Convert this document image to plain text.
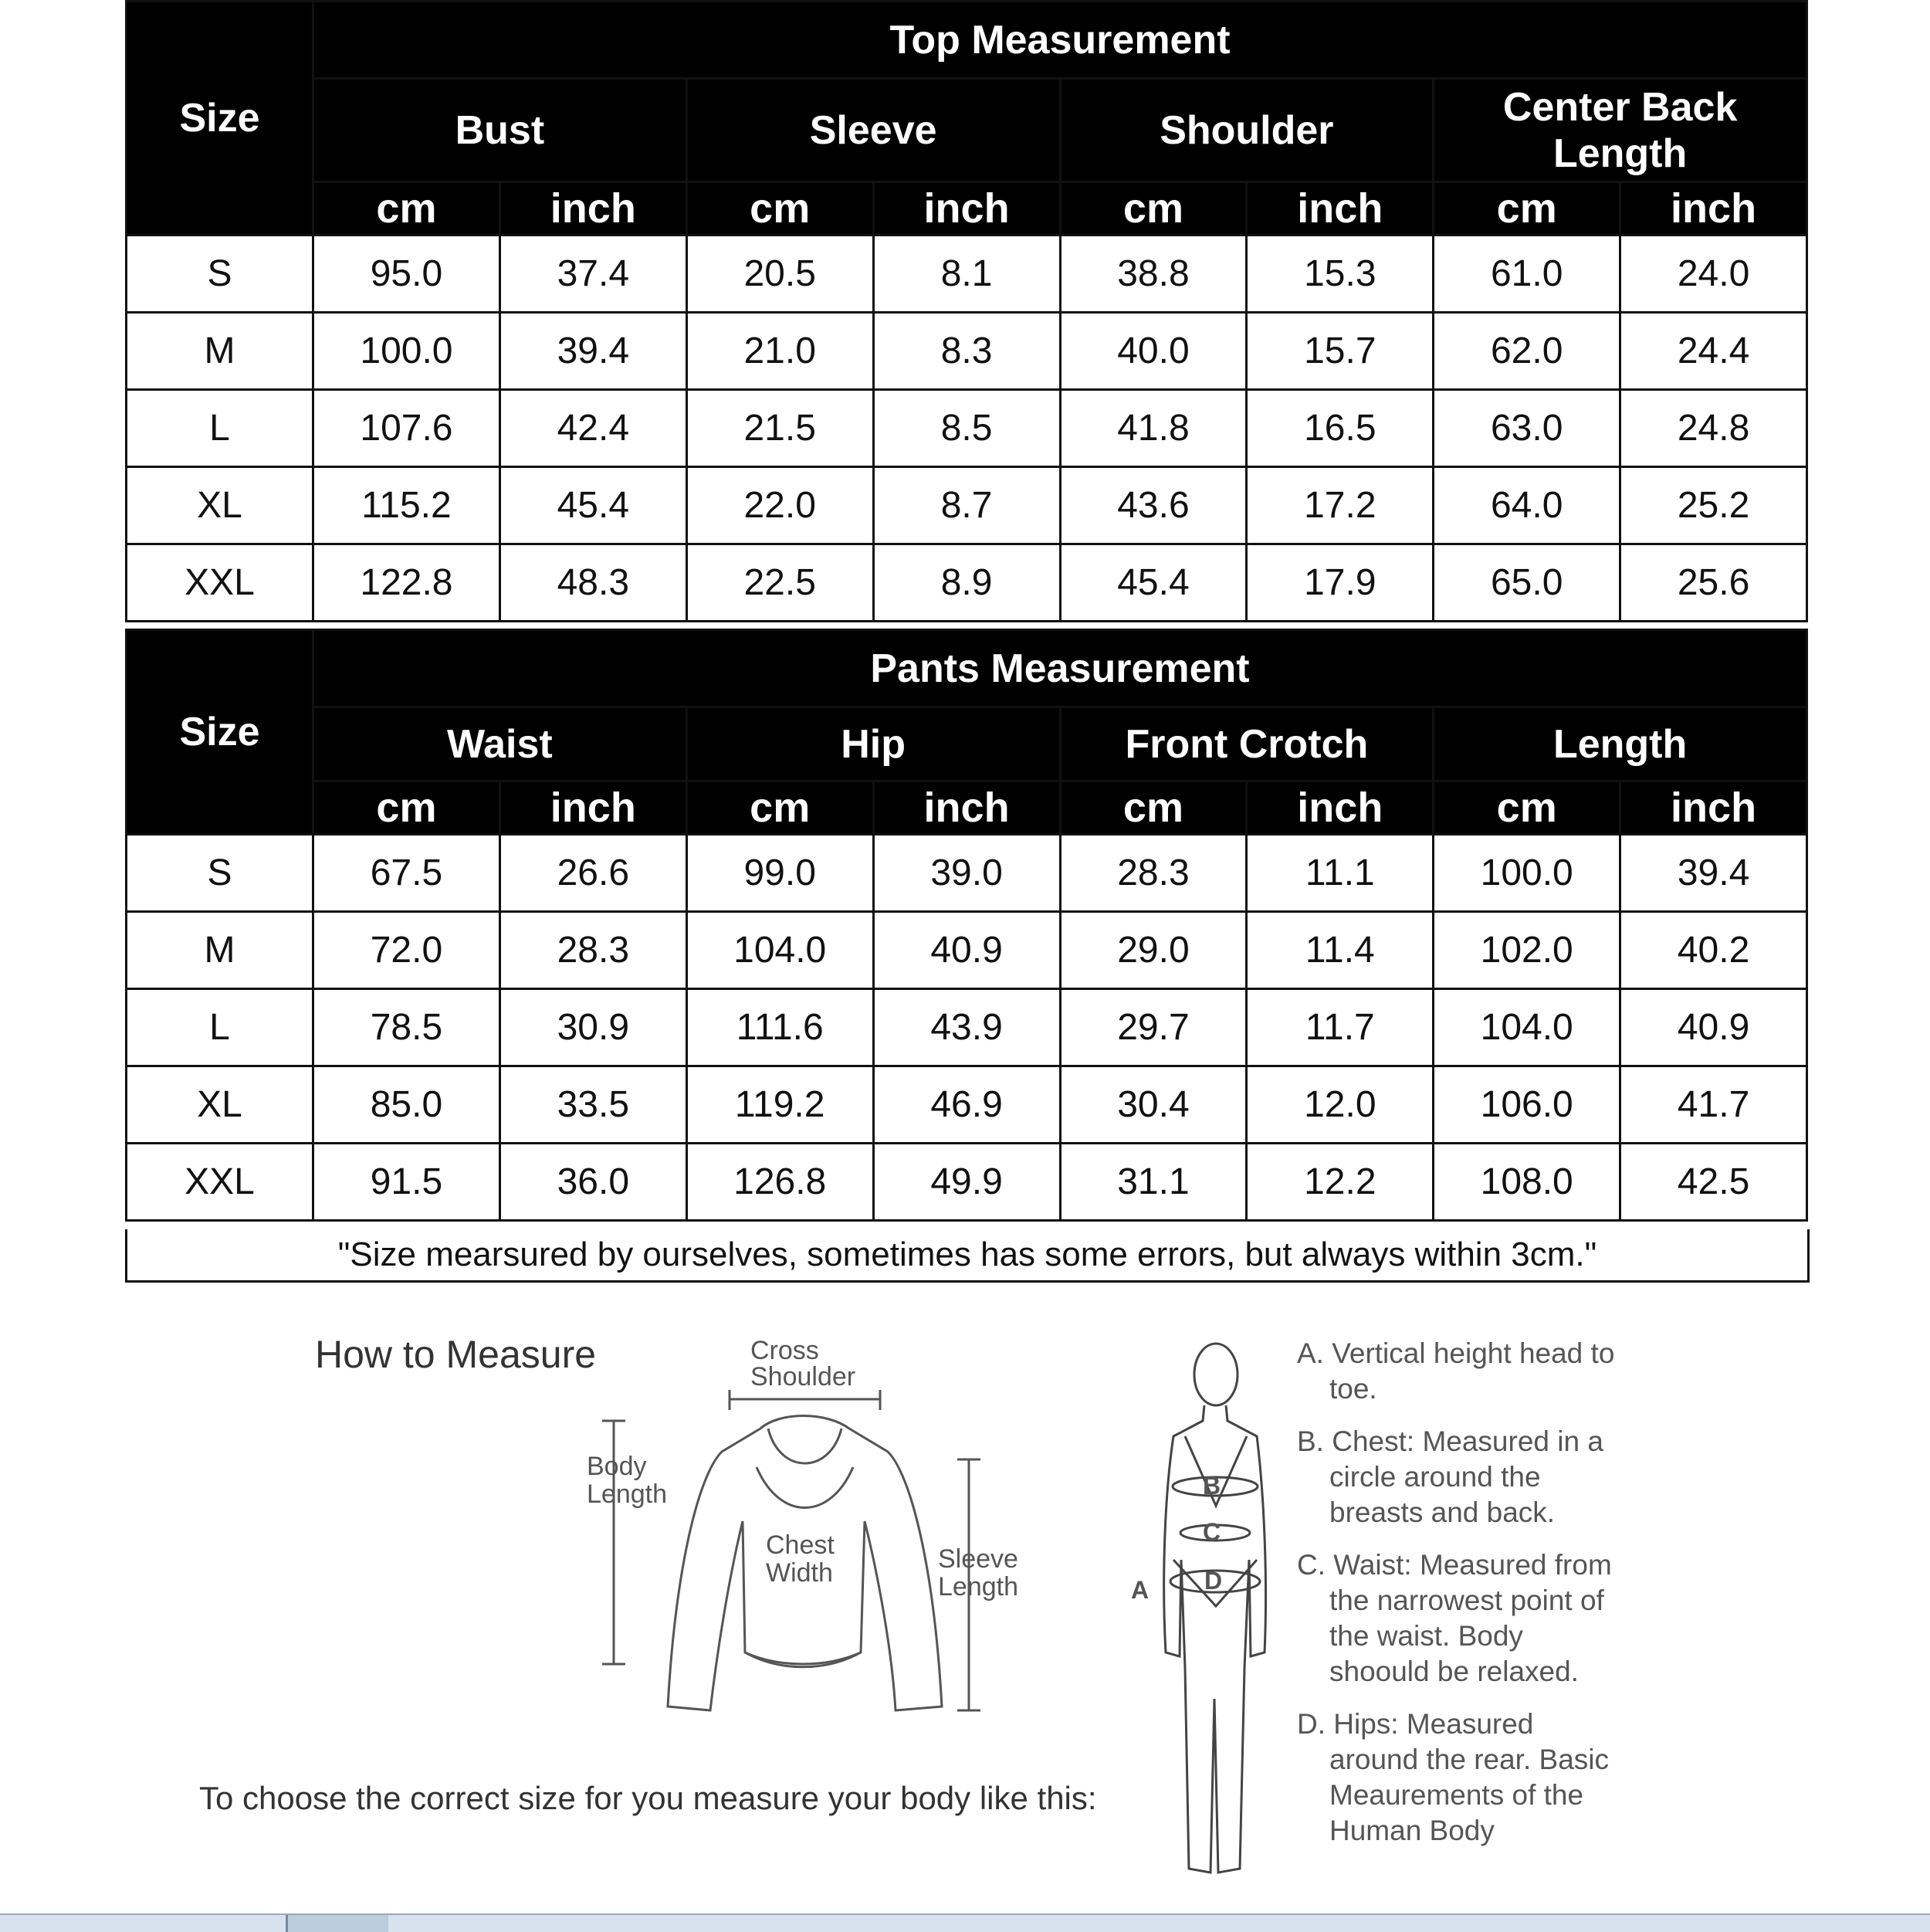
Size	Top Measurement							
	Bust		Sleeve		Shoulder		Center Back Length	
	cm	inch	cm	inch	cm	inch	cm	inch
S	95.0	37.4	20.5	8.1	38.8	15.3	61.0	24.0
M	100.0	39.4	21.0	8.3	40.0	15.7	62.0	24.4
L	107.6	42.4	21.5	8.5	41.8	16.5	63.0	24.8
XL	115.2	45.4	22.0	8.7	43.6	17.2	64.0	25.2
XXL	122.8	48.3	22.5	8.9	45.4	17.9	65.0	25.6
Size	Pants Measurement							
	Waist		Hip		Front Crotch		Length	
	cm	inch	cm	inch	cm	inch	cm	inch
S	67.5	26.6	99.0	39.0	28.3	11.1	100.0	39.4
M	72.0	28.3	104.0	40.9	29.0	11.4	102.0	40.2
L	78.5	30.9	111.6	43.9	29.7	11.7	104.0	40.9
XL	85.0	33.5	119.2	46.9	30.4	12.0	106.0	41.7
XXL	91.5	36.0	126.8	49.9	31.1	12.2	108.0	42.5
"Size mearsured by ourselves, sometimes has some errors, but always within 3cm."
How to Measure
To choose the correct size for you measure your body like this:
Cross
Shoulder
Body
Length
Chest
Width	Sleeve
Length
B
C
D
A

A. Vertical height head to toe.

B. Chest: Measured in a circle around the breasts and back.

C. Waist: Measured from the narrowest point of the waist. Body shoould be relaxed.

D. Hips: Measured around the rear. Basic Meaurements of the Human Body
